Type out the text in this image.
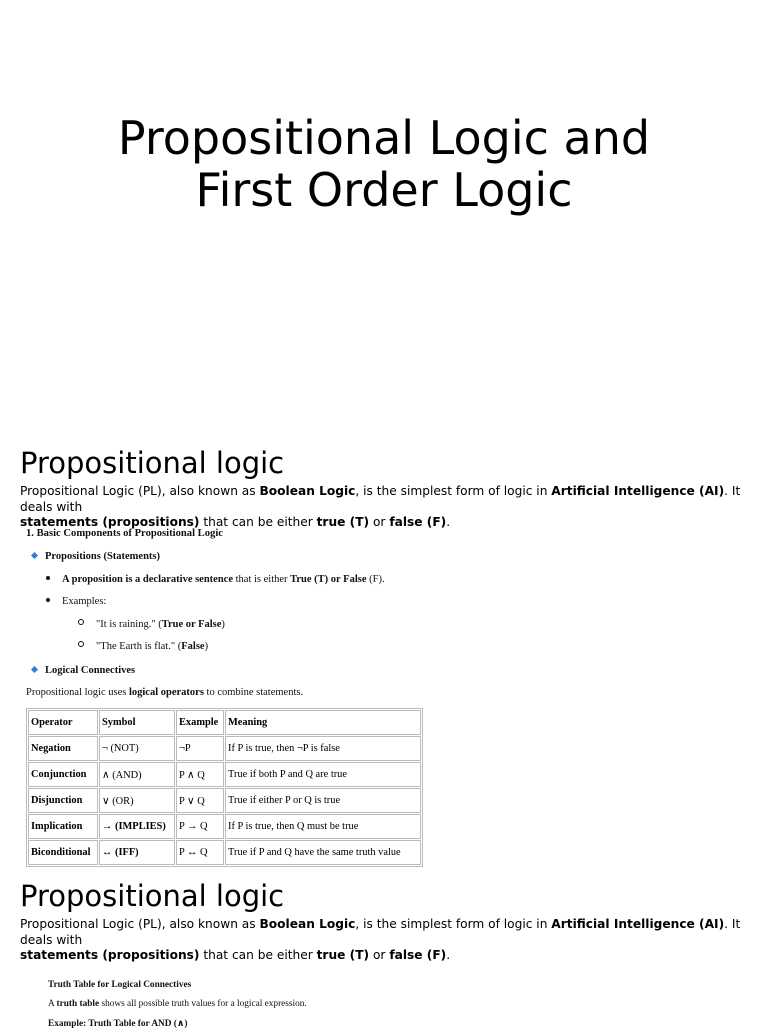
Propositional Logic and
First Order Logic
Propositional logic
Propositional Logic (PL), also known as Boolean Logic, is the simplest form of logic in Artificial Intelligence (AI). It deals with
statements (propositions) that can be either true (T) or false (F).
1. Basic Components of Propositional Logic
Propositions (Statements)
A proposition is a declarative sentence that is either True (T) or False (F).
Examples:
"It is raining." (True or False)
"The Earth is flat." (False)
Logical Connectives
Propositional logic uses logical operators to combine statements.
Operator	Symbol	Example	Meaning
Negation	¬ (NOT)	¬P	If P is true, then ¬P is false
Conjunction	∧ (AND)	P ∧ Q	True if both P and Q are true
Disjunction	∨ (OR)	P ∨ Q	True if either P or Q is true
Implication	→ (IMPLIES)	P → Q	If P is true, then Q must be true
Biconditional	↔ (IFF)	P ↔ Q	True if P and Q have the same truth value
Propositional logic
Propositional Logic (PL), also known as Boolean Logic, is the simplest form of logic in Artificial Intelligence (AI). It deals with
statements (propositions) that can be either true (T) or false (F).
Truth Table for Logical Connectives
A truth table shows all possible truth values for a logical expression.
Example: Truth Table for AND (∧)
